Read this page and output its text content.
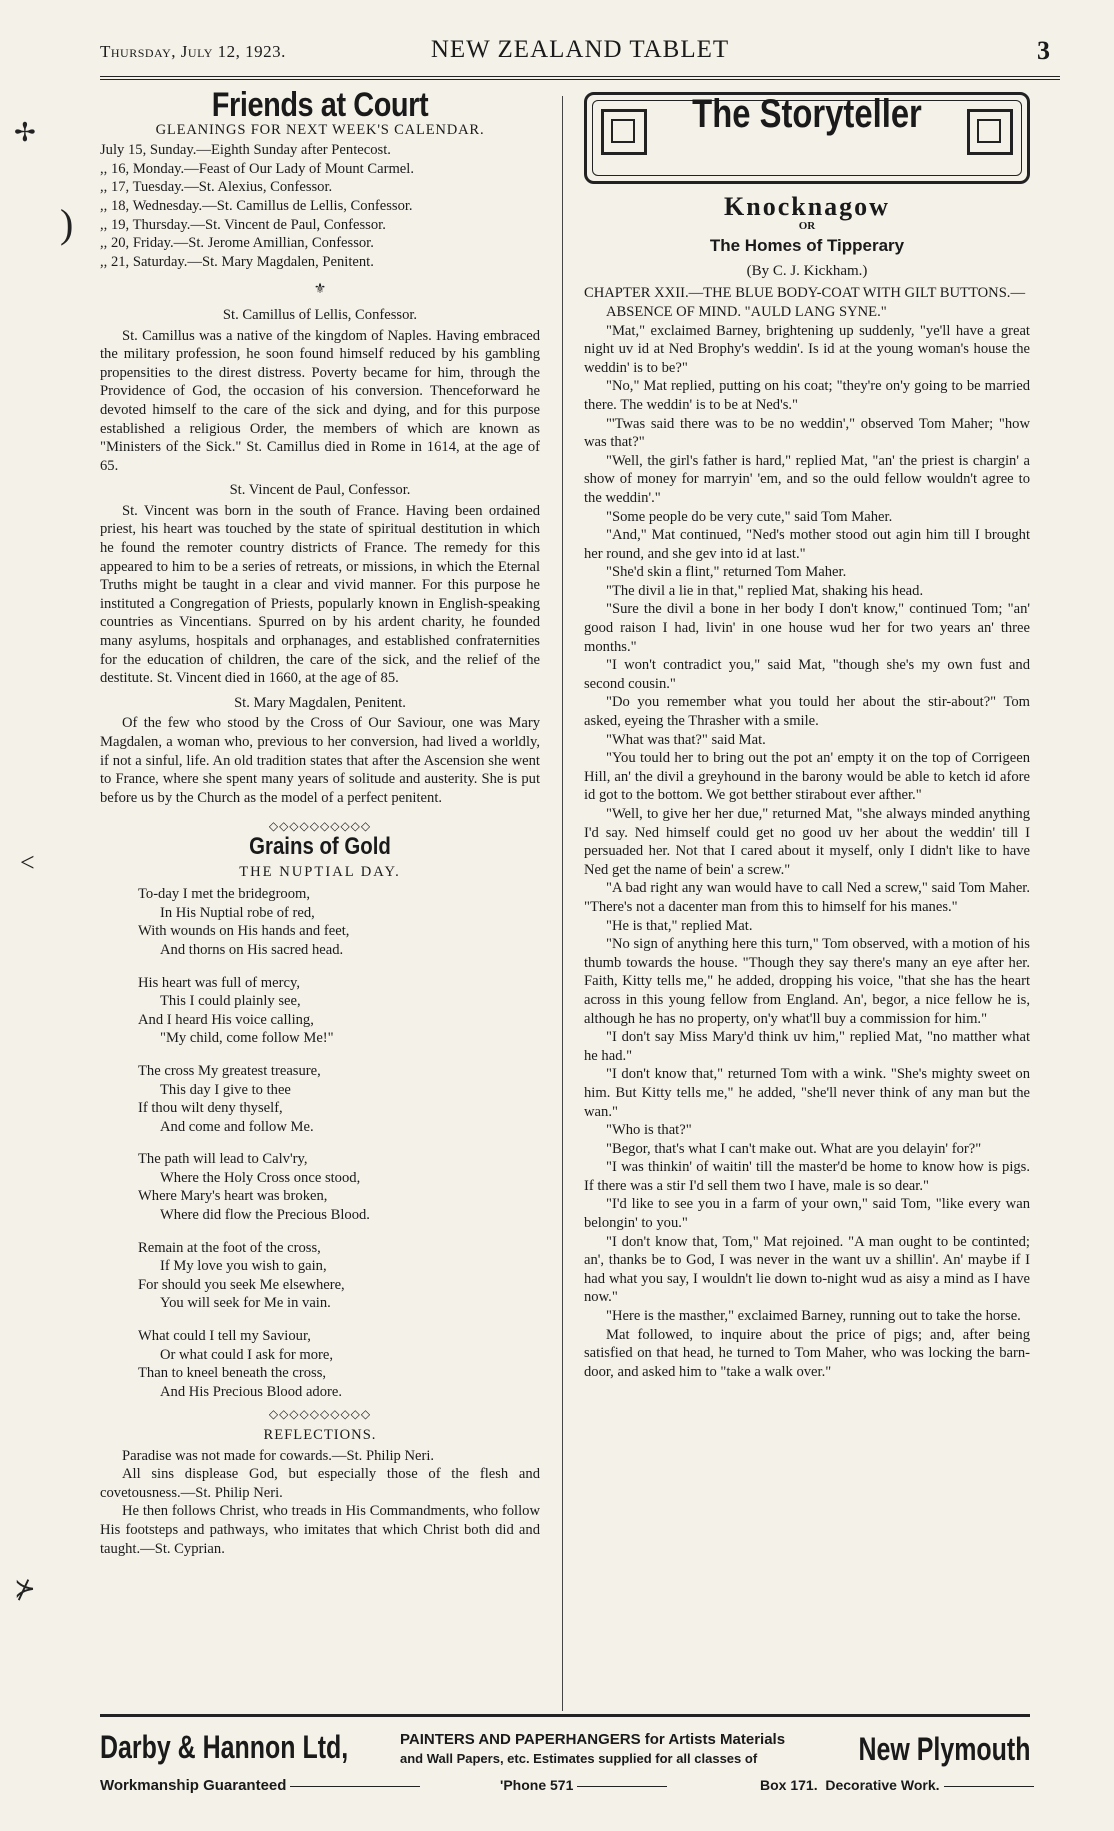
Thursday, July 12, 1923.	NEW ZEALAND TABLET	3
Friends at Court
GLEANINGS FOR NEXT WEEK'S CALENDAR.
July 15, Sunday.—Eighth Sunday after Pentecost.
,, 16, Monday.—Feast of Our Lady of Mount Carmel.
,, 17, Tuesday.—St. Alexius, Confessor.
,, 18, Wednesday.—St. Camillus de Lellis, Confessor.
,, 19, Thursday.—St. Vincent de Paul, Confessor.
,, 20, Friday.—St. Jerome Amillian, Confessor.
,, 21, Saturday.—St. Mary Magdalen, Penitent.
⚜
St. Camillus of Lellis, Confessor.

St. Camillus was a native of the kingdom of Naples. Having embraced the military profession, he soon found himself reduced by his gambling propensities to the direst distress. Poverty became for him, through the Providence of God, the occasion of his conversion. Thenceforward he devoted himself to the care of the sick and dying, and for this purpose established a religious Order, the members of which are known as "Ministers of the Sick." St. Camillus died in Rome in 1614, at the age of 65.

St. Vincent de Paul, Confessor.

St. Vincent was born in the south of France. Having been ordained priest, his heart was touched by the state of spiritual destitution in which he found the remoter country districts of France. The remedy for this appeared to him to be a series of retreats, or missions, in which the Eternal Truths might be taught in a clear and vivid manner. For this purpose he instituted a Congregation of Priests, popularly known in English-speaking countries as Vincentians. Spurred on by his ardent charity, he founded many asylums, hospitals and orphanages, and established confraternities for the education of children, the care of the sick, and the relief of the destitute. St. Vincent died in 1660, at the age of 85.

St. Mary Magdalen, Penitent.

Of the few who stood by the Cross of Our Saviour, one was Mary Magdalen, a woman who, previous to her conversion, had lived a worldly, if not a sinful, life. An old tradition states that after the Ascension she went to France, where she spent many years of solitude and austerity. She is put before us by the Church as the model of a perfect penitent.

◇◇◇◇◇◇◇◇◇◇
Grains of Gold
THE NUPTIAL DAY.
To-day I met the bridegroom,
In His Nuptial robe of red,
With wounds on His hands and feet,
And thorns on His sacred head.
His heart was full of mercy,
This I could plainly see,
And I heard His voice calling,
"My child, come follow Me!"
The cross My greatest treasure,
This day I give to thee
If thou wilt deny thyself,
And come and follow Me.
The path will lead to Calv'ry,
Where the Holy Cross once stood,
Where Mary's heart was broken,
Where did flow the Precious Blood.
Remain at the foot of the cross,
If My love you wish to gain,
For should you seek Me elsewhere,
You will seek for Me in vain.
What could I tell my Saviour,
Or what could I ask for more,
Than to kneel beneath the cross,
And His Precious Blood adore.
◇◇◇◇◇◇◇◇◇◇
REFLECTIONS.

Paradise was not made for cowards.—St. Philip Neri.

All sins displease God, but especially those of the flesh and covetousness.—St. Philip Neri.

He then follows Christ, who treads in His Commandments, who follow His footsteps and pathways, who imitates that which Christ both did and taught.—St. Cyprian.

The Storyteller
Knocknagow
OR
The Homes of Tipperary
(By C. J. Kickham.)

CHAPTER XXII.—THE BLUE BODY-COAT WITH GILT BUTTONS.—ABSENCE OF MIND. "AULD LANG SYNE."

"Mat," exclaimed Barney, brightening up suddenly, "ye'll have a great night uv id at Ned Brophy's weddin'. Is id at the young woman's house the weddin' is to be?"

"No," Mat replied, putting on his coat; "they're on'y going to be married there. The weddin' is to be at Ned's."

"'Twas said there was to be no weddin'," observed Tom Maher; "how was that?"

"Well, the girl's father is hard," replied Mat, "an' the priest is chargin' a show of money for marryin' 'em, and so the ould fellow wouldn't agree to the weddin'."

"Some people do be very cute," said Tom Maher.

"And," Mat continued, "Ned's mother stood out agin him till I brought her round, and she gev into id at last."

"She'd skin a flint," returned Tom Maher.

"The divil a lie in that," replied Mat, shaking his head.

"Sure the divil a bone in her body I don't know," continued Tom; "an' good raison I had, livin' in one house wud her for two years an' three months."

"I won't contradict you," said Mat, "though she's my own fust and second cousin."

"Do you remember what you tould her about the stir-about?" Tom asked, eyeing the Thrasher with a smile.

"What was that?" said Mat.

"You tould her to bring out the pot an' empty it on the top of Corrigeen Hill, an' the divil a greyhound in the barony would be able to ketch id afore id got to the bottom. We got betther stirabout ever afther."

"Well, to give her her due," returned Mat, "she always minded anything I'd say. Ned himself could get no good uv her about the weddin' till I persuaded her. Not that I cared about it myself, only I didn't like to have Ned get the name of bein' a screw."

"A bad right any wan would have to call Ned a screw," said Tom Maher. "There's not a dacenter man from this to himself for his manes."

"He is that," replied Mat.

"No sign of anything here this turn," Tom observed, with a motion of his thumb towards the house. "Though they say there's many an eye after her. Faith, Kitty tells me," he added, dropping his voice, "that she has the heart across in this young fellow from England. An', begor, a nice fellow he is, although he has no property, on'y what'll buy a commission for him."

"I don't say Miss Mary'd think uv him," replied Mat, "no matther what he had."

"I don't know that," returned Tom with a wink. "She's mighty sweet on him. But Kitty tells me," he added, "she'll never think of any man but the wan."

"Who is that?"

"Begor, that's what I can't make out. What are you delayin' for?"

"I was thinkin' of waitin' till the master'd be home to know how is pigs. If there was a stir I'd sell them two I have, male is so dear."

"I'd like to see you in a farm of your own," said Tom, "like every wan belongin' to you."

"I don't know that, Tom," Mat rejoined. "A man ought to be continted; an', thanks be to God, I was never in the want uv a shillin'. An' maybe if I had what you say, I wouldn't lie down to-night wud as aisy a mind as I have now."

"Here is the masther," exclaimed Barney, running out to take the horse.

Mat followed, to inquire about the price of pigs; and, after being satisfied on that head, he turned to Tom Maher, who was locking the barn-door, and asked him to "take a walk over."

Darby & Hannon Ltd,	PAINTERS AND PAPERHANGERS for Artists Materials
and Wall Papers, etc. Estimates supplied for all classes of	New Plymouth
Workmanship Guaranteed	'Phone 571	Box 171. Decorative Work.
✢
)
<
⊁
